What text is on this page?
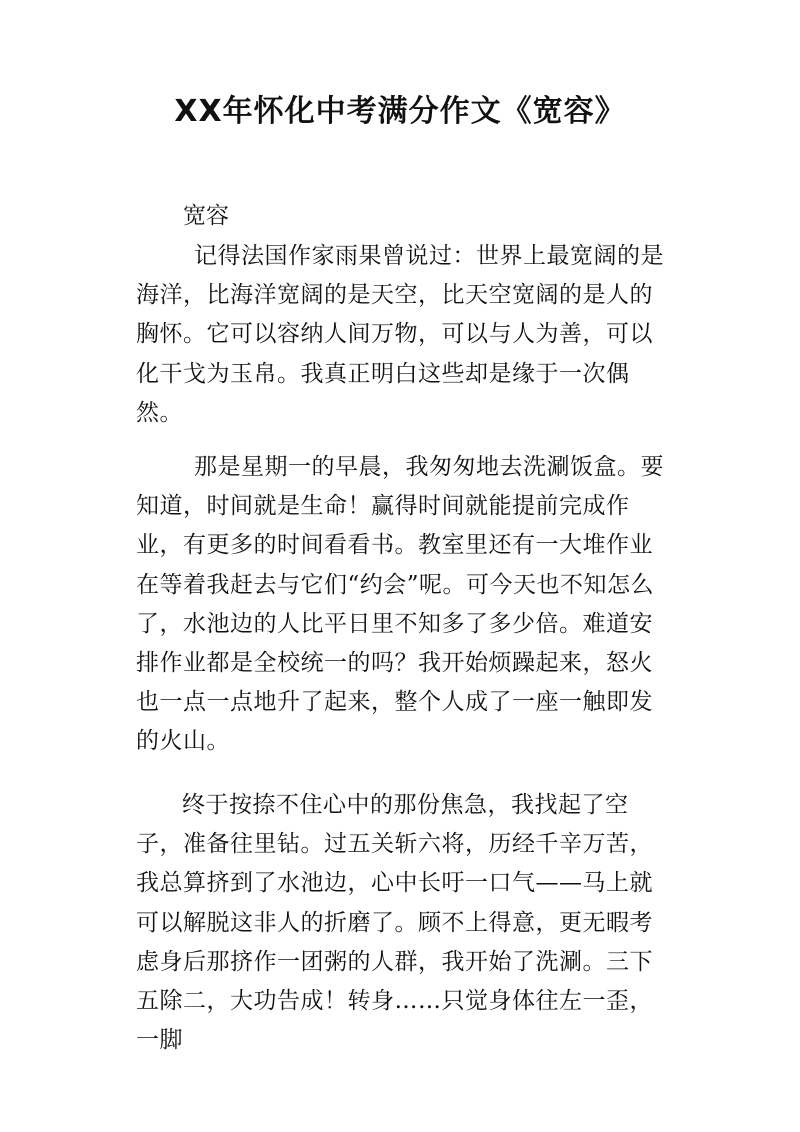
XX年怀化中考满分作文《宽容》

宽容

记得法国作家雨果曾说过：世界上最宽阔的是海洋，比海洋宽阔的是天空，比天空宽阔的是人的胸怀。它可以容纳人间万物，可以与人为善，可以化干戈为玉帛。我真正明白这些却是缘于一次偶然。

那是星期一的早晨，我匆匆地去洗涮饭盒。要知道，时间就是生命！赢得时间就能提前完成作业，有更多的时间看看书。教室里还有一大堆作业在等着我赶去与它们“约会”呢。可今天也不知怎么了，水池边的人比平日里不知多了多少倍。难道安排作业都是全校统一的吗？我开始烦躁起来，怒火也一点一点地升了起来，整个人成了一座一触即发的火山。

终于按捺不住心中的那份焦急，我找起了空子，准备往里钻。过五关斩六将，历经千辛万苦，我总算挤到了水池边，心中长吁一口气——马上就可以解脱这非人的折磨了。顾不上得意，更无暇考虑身后那挤作一团粥的人群，我开始了洗涮。三下五除二，大功告成！转身……只觉身体往左一歪，一脚
